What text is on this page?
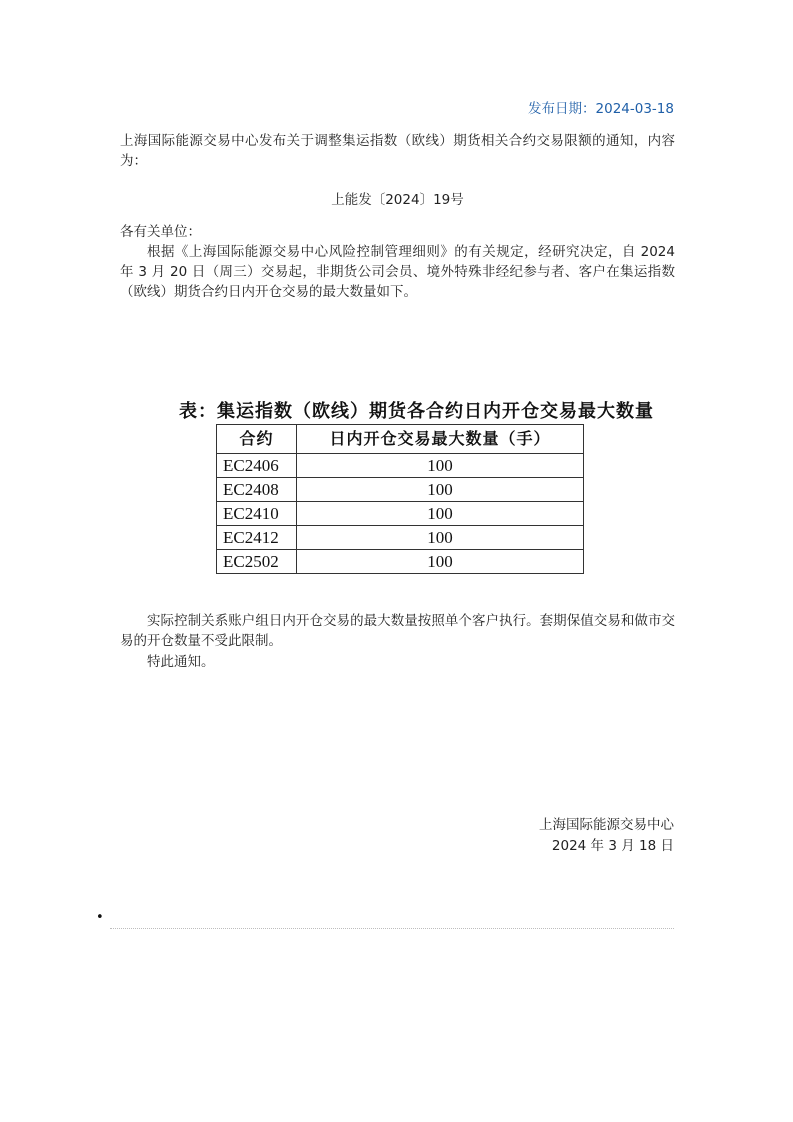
发布日期：2024-03-18
上海国际能源交易中心发布关于调整集运指数（欧线）期货相关合约交易限额的通知，内容为：
上能发〔2024〕19号
各有关单位：
根据《上海国际能源交易中心风险控制管理细则》的有关规定，经研究决定，自 2024 年 3 月 20 日（周三）交易起，非期货公司会员、境外特殊非经纪参与者、客户在集运指数（欧线）期货合约日内开仓交易的最大数量如下。
表：集运指数（欧线）期货各合约日内开仓交易最大数量
合约	日内开仓交易最大数量（手）
EC2406	100
EC2408	100
EC2410	100
EC2412	100
EC2502	100
实际控制关系账户组日内开仓交易的最大数量按照单个客户执行。套期保值交易和做市交易的开仓数量不受此限制。
特此通知。
上海国际能源交易中心
2024 年 3 月 18 日
•
